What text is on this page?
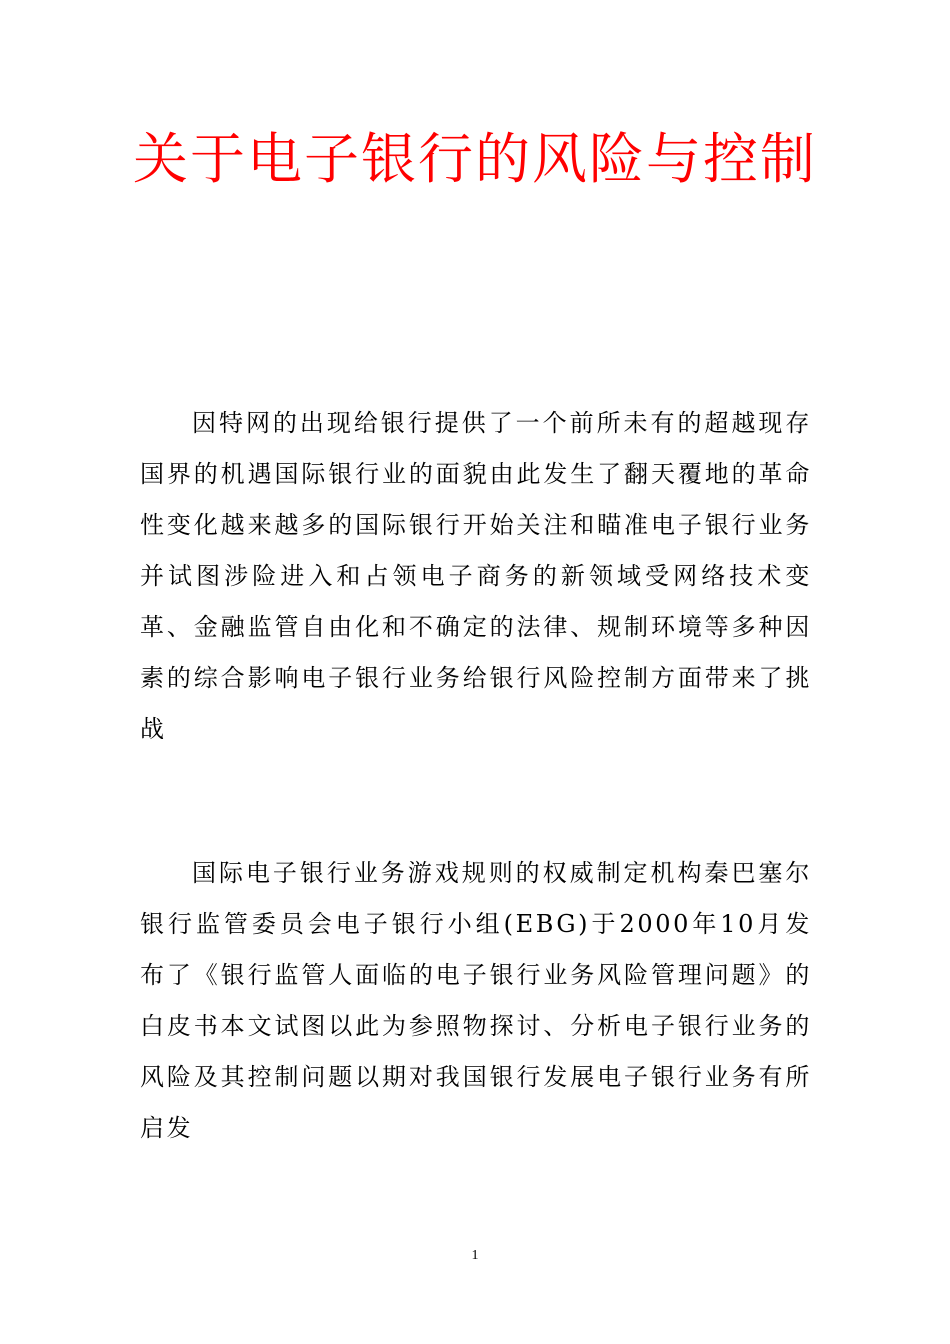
关于电子银行的风险与控制

因特网的出现给银行提供了一个前所未有的超越现存国界的机遇国际银行业的面貌由此发生了翻天覆地的革命性变化越来越多的国际银行开始关注和瞄准电子银行业务并试图涉险进入和占领电子商务的新领域受网络技术变革、金融监管自由化和不确定的法律、规制环境等多种因素的综合影响电子银行业务给银行风险控制方面带来了挑战

国际电子银行业务游戏规则的权威制定机构秦巴塞尔银行监管委员会电子银行小组(EBG)于2000年10月发布了《银行监管人面临的电子银行业务风险管理问题》的白皮书本文试图以此为参照物探讨、分析电子银行业务的风险及其控制问题以期对我国银行发展电子银行业务有所启发

1
